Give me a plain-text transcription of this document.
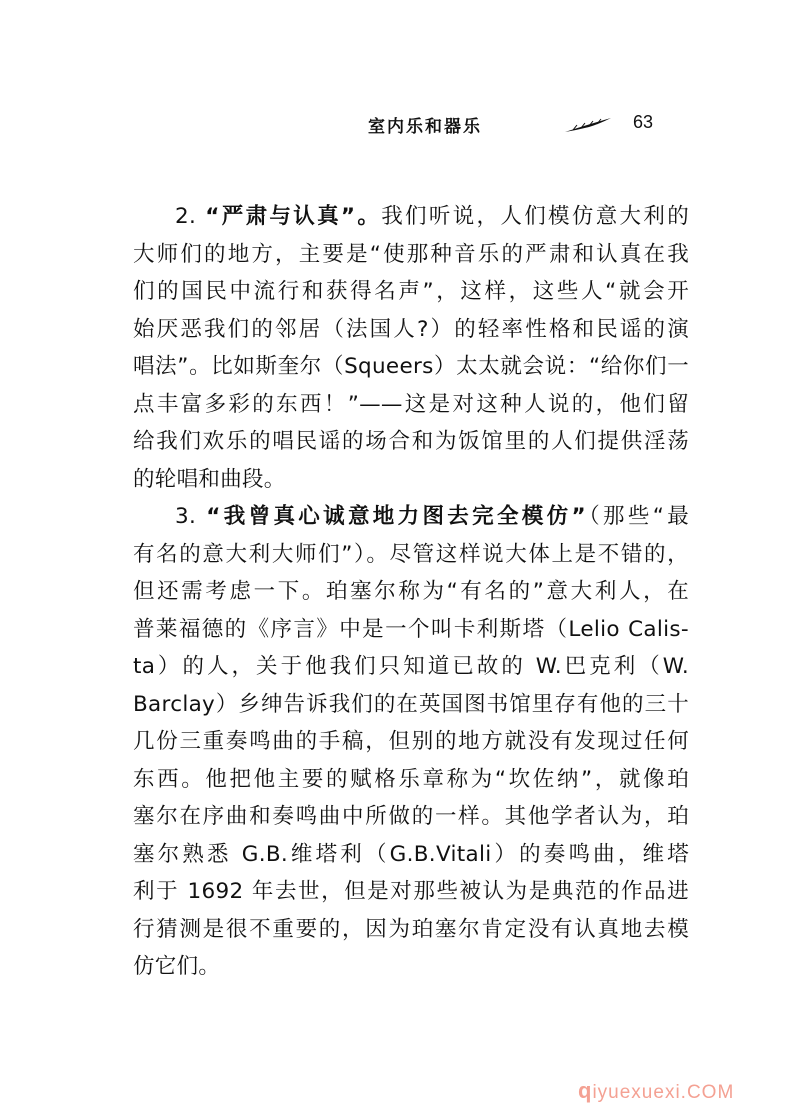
室内乐和器乐	63
2. “严肃与认真”。我们听说，人们模仿意大利的
大师们的地方，主要是“使那种音乐的严肃和认真在我
们的国民中流行和获得名声”，这样，这些人“就会开
始厌恶我们的邻居（法国人?）的轻率性格和民谣的演
唱法”。比如斯奎尔（Squeers）太太就会说：“给你们一
点丰富多彩的东西！”——这是对这种人说的，他们留
给我们欢乐的唱民谣的场合和为饭馆里的人们提供淫荡
的轮唱和曲段。
3. “我曾真心诚意地力图去完全模仿”（那些“最
有名的意大利大师们”）。尽管这样说大体上是不错的，
但还需考虑一下。珀塞尔称为“有名的”意大利人，在
普莱福德的《序言》中是一个叫卡利斯塔（Lelio Calis-
ta）的人，关于他我们只知道已故的 W.巴克利（W.
Barclay）乡绅告诉我们的在英国图书馆里存有他的三十
几份三重奏鸣曲的手稿，但别的地方就没有发现过任何
东西。他把他主要的赋格乐章称为“坎佐纳”，就像珀
塞尔在序曲和奏鸣曲中所做的一样。其他学者认为，珀
塞尔熟悉 G.B.维塔利（G.B.Vitali）的奏鸣曲，维塔
利于 1692 年去世，但是对那些被认为是典范的作品进
行猜测是很不重要的，因为珀塞尔肯定没有认真地去模
仿它们。
qiyuexuexi.COM
